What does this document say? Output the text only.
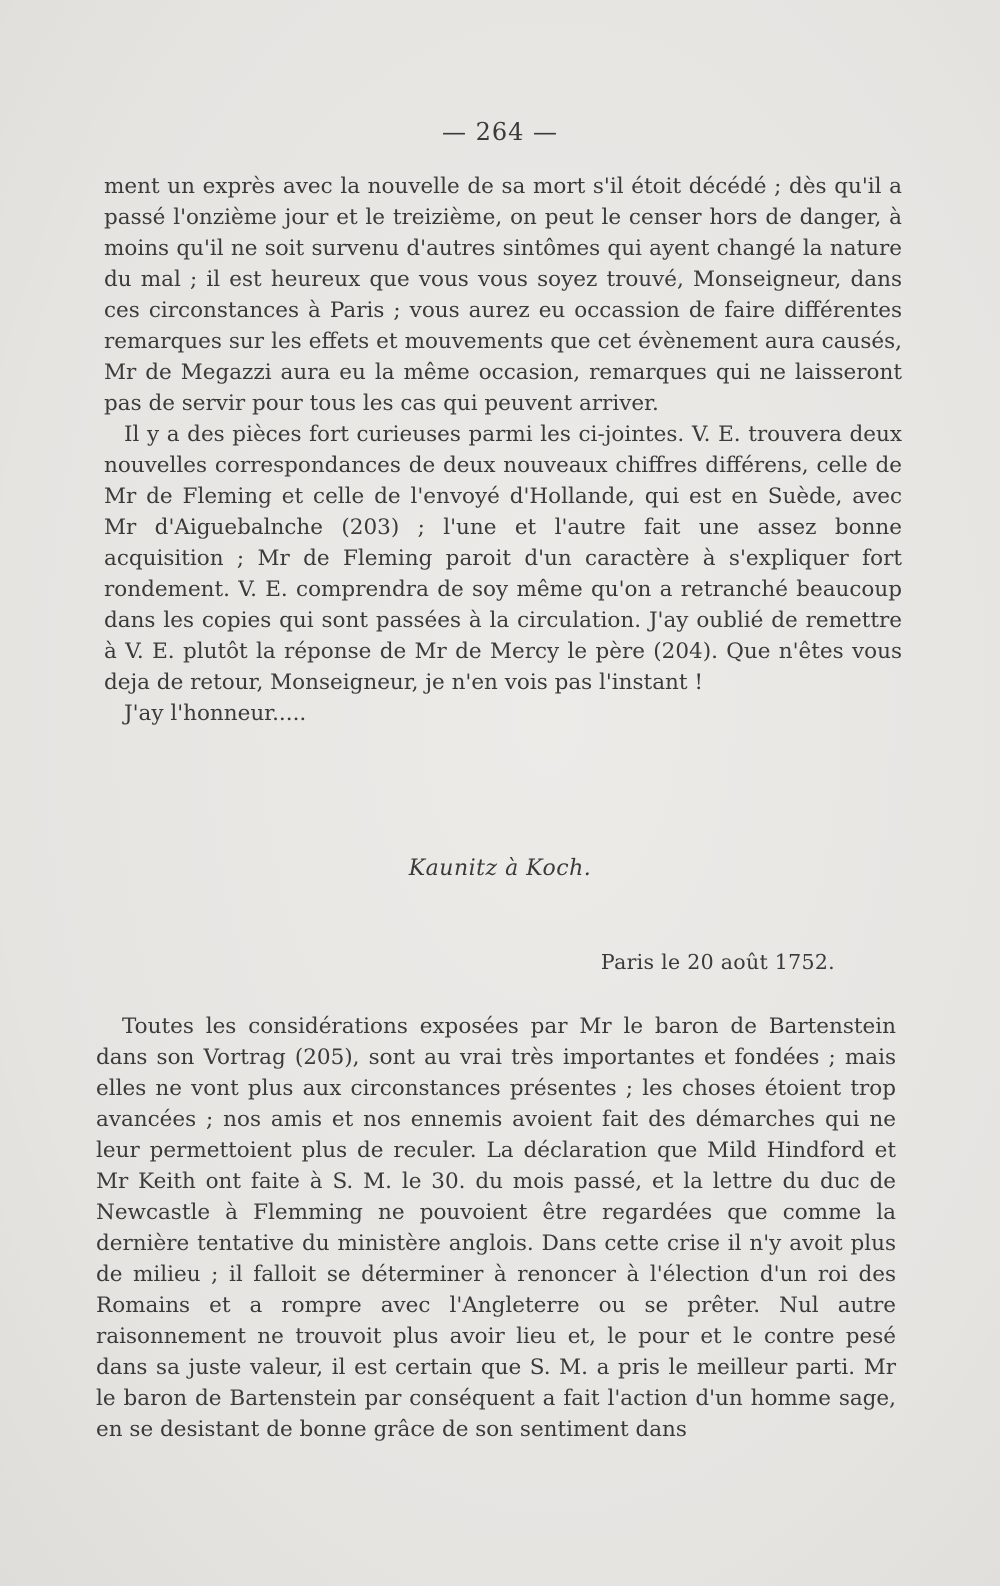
— 264 —

ment un exprès avec la nouvelle de sa mort s'il étoit décédé ; dès qu'il a passé l'onzième jour et le treizième, on peut le censer hors de danger, à moins qu'il ne soit survenu d'autres sintômes qui ayent changé la nature du mal ; il est heureux que vous vous soyez trouvé, Monseigneur, dans ces circonstances à Paris ; vous aurez eu occassion de faire différentes remarques sur les effets et mouvements que cet évènement aura causés, Mr de Megazzi aura eu la même occasion, remarques qui ne laisseront pas de servir pour tous les cas qui peuvent arriver.

Il y a des pièces fort curieuses parmi les ci-jointes. V. E. trouvera deux nouvelles correspondances de deux nouveaux chiffres différens, celle de Mr de Fleming et celle de l'envoyé d'Hollande, qui est en Suède, avec Mr d'Aiguebalnche (203) ; l'une et l'autre fait une assez bonne acquisition ; Mr de Fleming paroit d'un caractère à s'expliquer fort rondement. V. E. comprendra de soy même qu'on a retranché beaucoup dans les copies qui sont passées à la circulation. J'ay oublié de remettre à V. E. plutôt la réponse de Mr de Mercy le père (204). Que n'êtes vous deja de retour, Monseigneur, je n'en vois pas l'instant !

J'ay l'honneur.....

Kaunitz à Koch.
Paris le 20 août 1752.

Toutes les considérations exposées par Mr le baron de Bartenstein dans son Vortrag (205), sont au vrai très importantes et fondées ; mais elles ne vont plus aux circonstances présentes ; les choses étoient trop avancées ; nos amis et nos ennemis avoient fait des démarches qui ne leur permettoient plus de reculer. La déclaration que Mild Hindford et Mr Keith ont faite à S. M. le 30. du mois passé, et la lettre du duc de Newcastle à Flemming ne pouvoient être regardées que comme la dernière tentative du ministère anglois. Dans cette crise il n'y avoit plus de milieu ; il falloit se déterminer à renoncer à l'élection d'un roi des Romains et a rompre avec l'Angleterre ou se prêter. Nul autre raisonnement ne trouvoit plus avoir lieu et, le pour et le contre pesé dans sa juste valeur, il est certain que S. M. a pris le meilleur parti. Mr le baron de Bartenstein par conséquent a fait l'action d'un homme sage, en se desistant de bonne grâce de son sentiment dans
